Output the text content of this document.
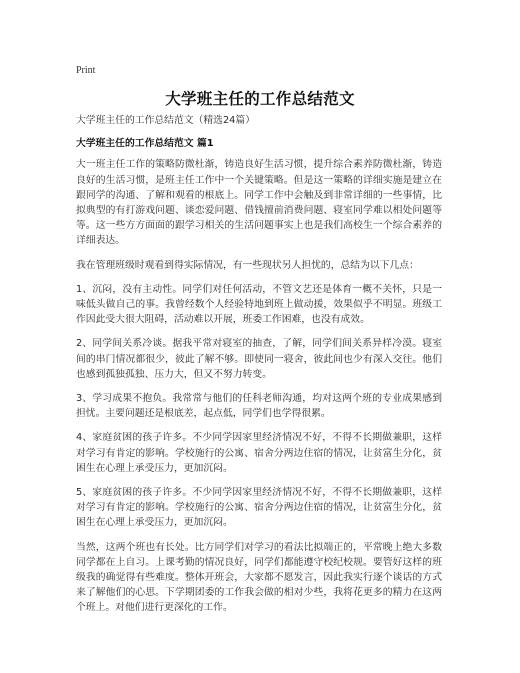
Print
大学班主任的工作总结范文
大学班主任的工作总结范文（精选24篇）
大学班主任的工作总结范文 篇1

大一班主任工作的策略防微杜渐，铸造良好生活习惯，提升综合素养防微杜渐，铸造良好的生活习惯，是班主任工作中一个关键策略。但是这一策略的详细实施是建立在跟同学的沟通、了解和观看的根底上。同学工作中会触及到非常详细的一些事情，比拟典型的有打游戏问题、谈恋爱问题、借钱擅前消费问题、寝室同学难以相处问题等等。这一些方方面面的跟学习相关的生活问题事实上也是我们高校生一个综合素养的详细表达。

我在管理班级时观看到得实际情况，有一些现状另人担忧的，总结为以下几点：

1、沉闷，没有主动性。同学们对任何活动，不管文艺还是体育一概不关怀，只是一味低头做自己的事。我曾经数个人经验特地到班上做动援，效果似乎不明显。班级工作因此受大很大阻碍，活动难以开展，班委工作困难，也没有成效。

2、同学间关系冷谈。据我平常对寝室的抽查，了解，同学们间关系异样冷漠。寝室间的串门情况都很少，彼此了解不够。即使同一寝舍，彼此间也少有深入交往。他们也感到孤独孤独、压力大，但又不努力转变。

3、学习成果不抱负。我常常与他们的任科老师沟通，均对这两个班的专业成果感到担忧。主要问题还是根底差，起点低，同学们也学得很累。

4、家庭贫困的孩子许多。不少同学因家里经济情况不好，不得不长期做兼职，这样对学习有肯定的影响。学校施行的公寓、宿舍分两边住宿的情况，让贫富生分化，贫困生在心理上承受压力，更加沉闷。

5、家庭贫困的孩子许多。不少同学因家里经济情况不好，不得不长期做兼职，这样对学习有肯定的影响。学校施行的公寓、宿舍分两边住宿的情况，让贫富生分化，贫困生在心理上承受压力，更加沉闷。

当然，这两个班也有长处。比方同学们对学习的看法比拟端正的，平常晚上绝大多数同学都在上自习。上课考勤的情况良好，同学们都能遵守校纪校规。要管好这样的班级我的确觉得有些难度。整体开班会，大家都不愿发言，因此我实行逐个谈话的方式来了解他们的心思。下学期团委的工作我会做的相对少些，我将花更多的精力在这两个班上。对他们进行更深化的工作。
